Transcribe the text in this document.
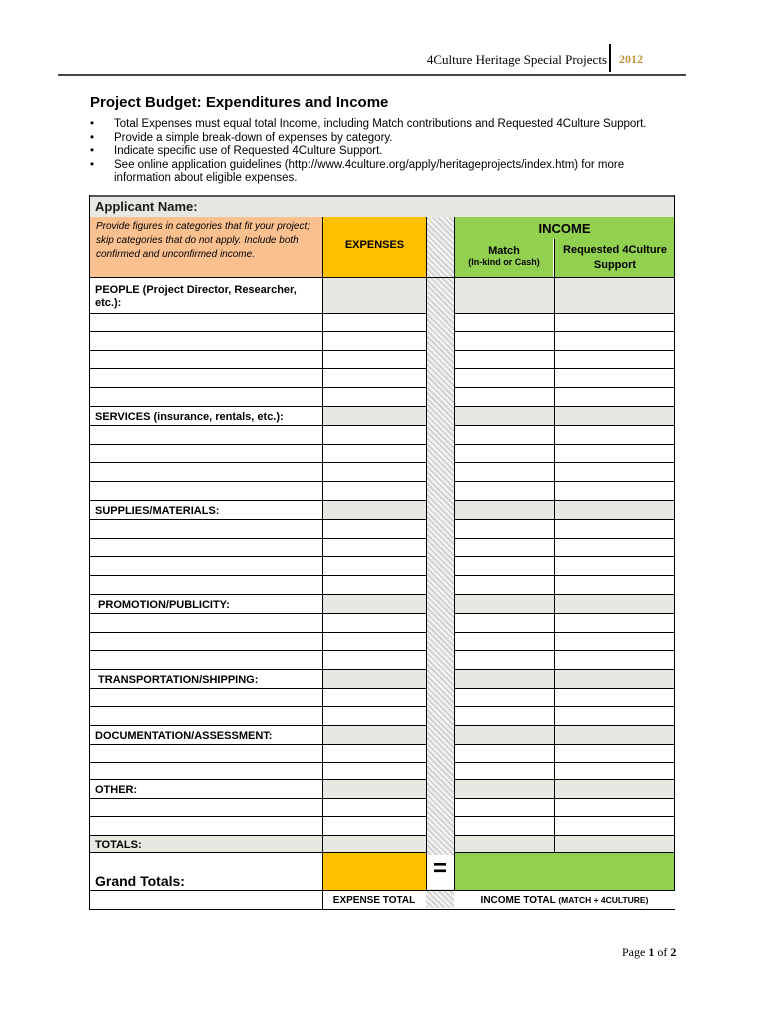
4Culture Heritage Special Projects 2012
Project Budget: Expenditures and Income
• Total Expenses must equal total Income, including Match contributions and Requested 4Culture Support.
• Provide a simple break-down of expenses by category.
• Indicate specific use of Requested 4Culture Support.
• See online application guidelines (http://www.4culture.org/apply/heritageprojects/index.htm) for more information about eligible expenses.
Applicant Name:
Provide figures in categories that fit your project; skip categories that do not apply. Include both confirmed and unconfirmed income.
EXPENSES
INCOME
Match
(In-kind or Cash)
Requested 4Culture Support
PEOPLE (Project Director, Researcher, etc.):
SERVICES (insurance, rentals, etc.):
SUPPLIES/MATERIALS:
PROMOTION/PUBLICITY:
TRANSPORTATION/SHIPPING:
DOCUMENTATION/ASSESSMENT:
OTHER:
TOTALS:
Grand Totals:	=
EXPENSE TOTAL	INCOME TOTAL (MATCH + 4CULTURE)
Page 1 of 2
